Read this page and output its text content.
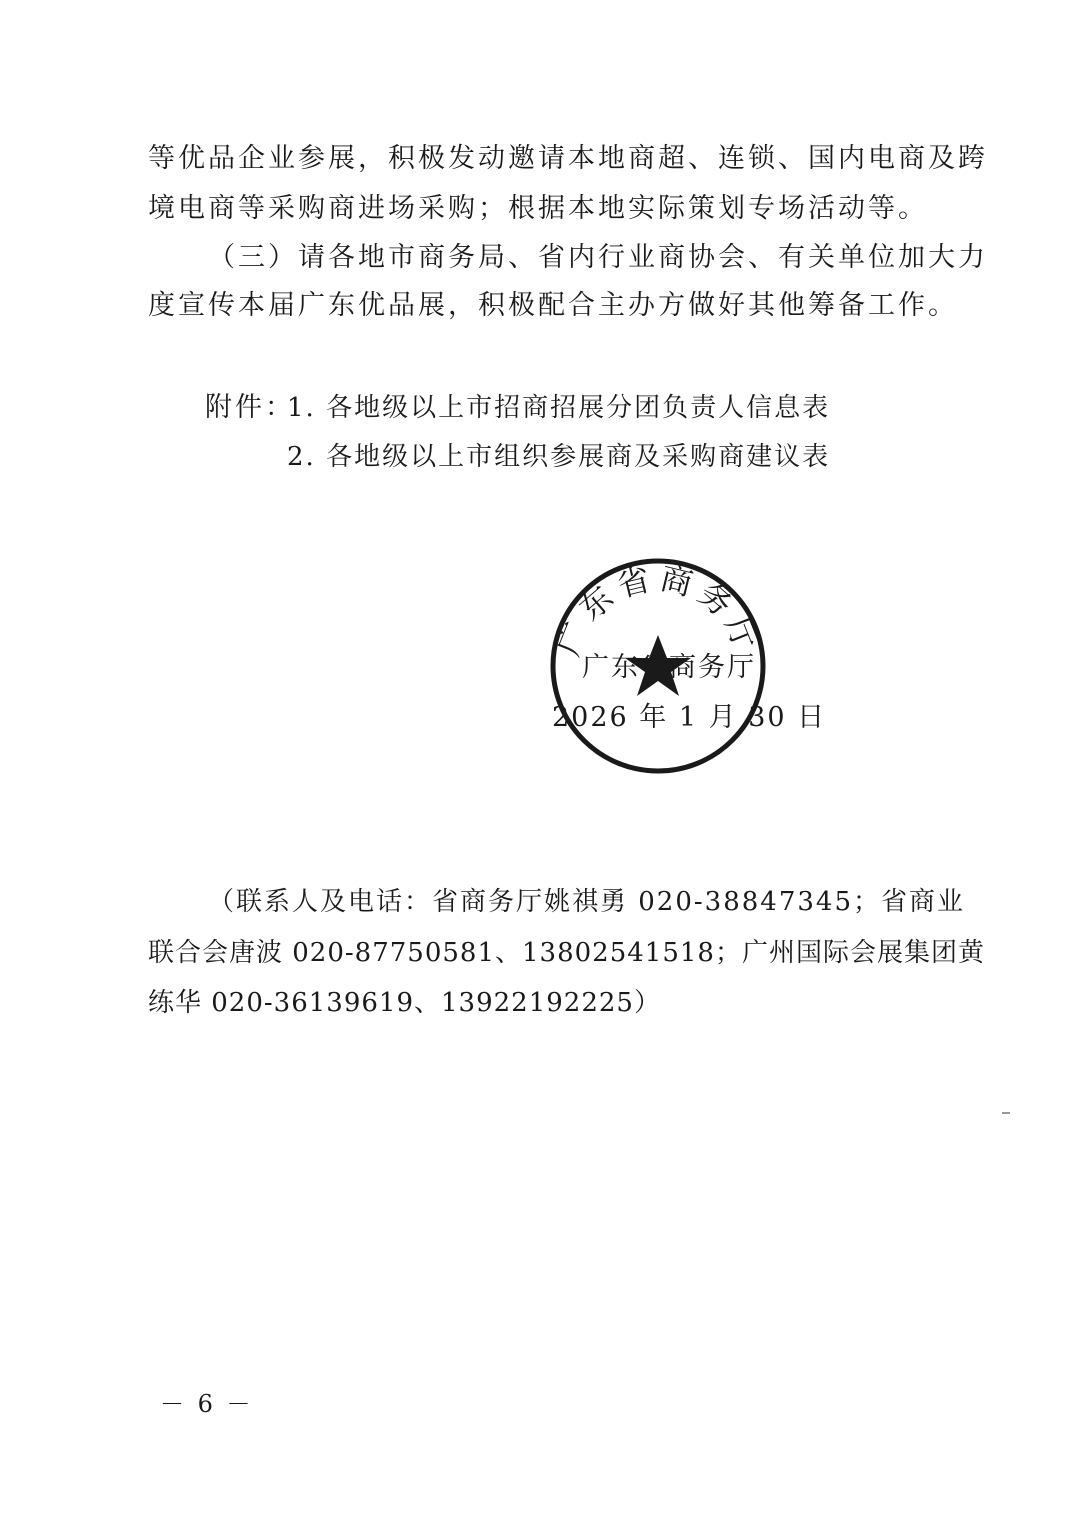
等优品企业参展，积极发动邀请本地商超、连锁、国内电商及跨
境电商等采购商进场采购；根据本地实际策划专场活动等。
（三）请各地市商务局、省内行业商协会、有关单位加大力
度宣传本届广东优品展，积极配合主办方做好其他筹备工作。
附件：
1. 各地级以上市招商招展分团负责人信息表
2. 各地级以上市组织参展商及采购商建议表
广东省商务厅
广东省商务厅
2026 年 1 月 30 日
（联系人及电话：省商务厅姚祺勇 020-38847345；省商业
联合会唐波 020-87750581、13802541518；广州国际会展集团黄
练华 020-36139619、13922192225）
－ 6 －
